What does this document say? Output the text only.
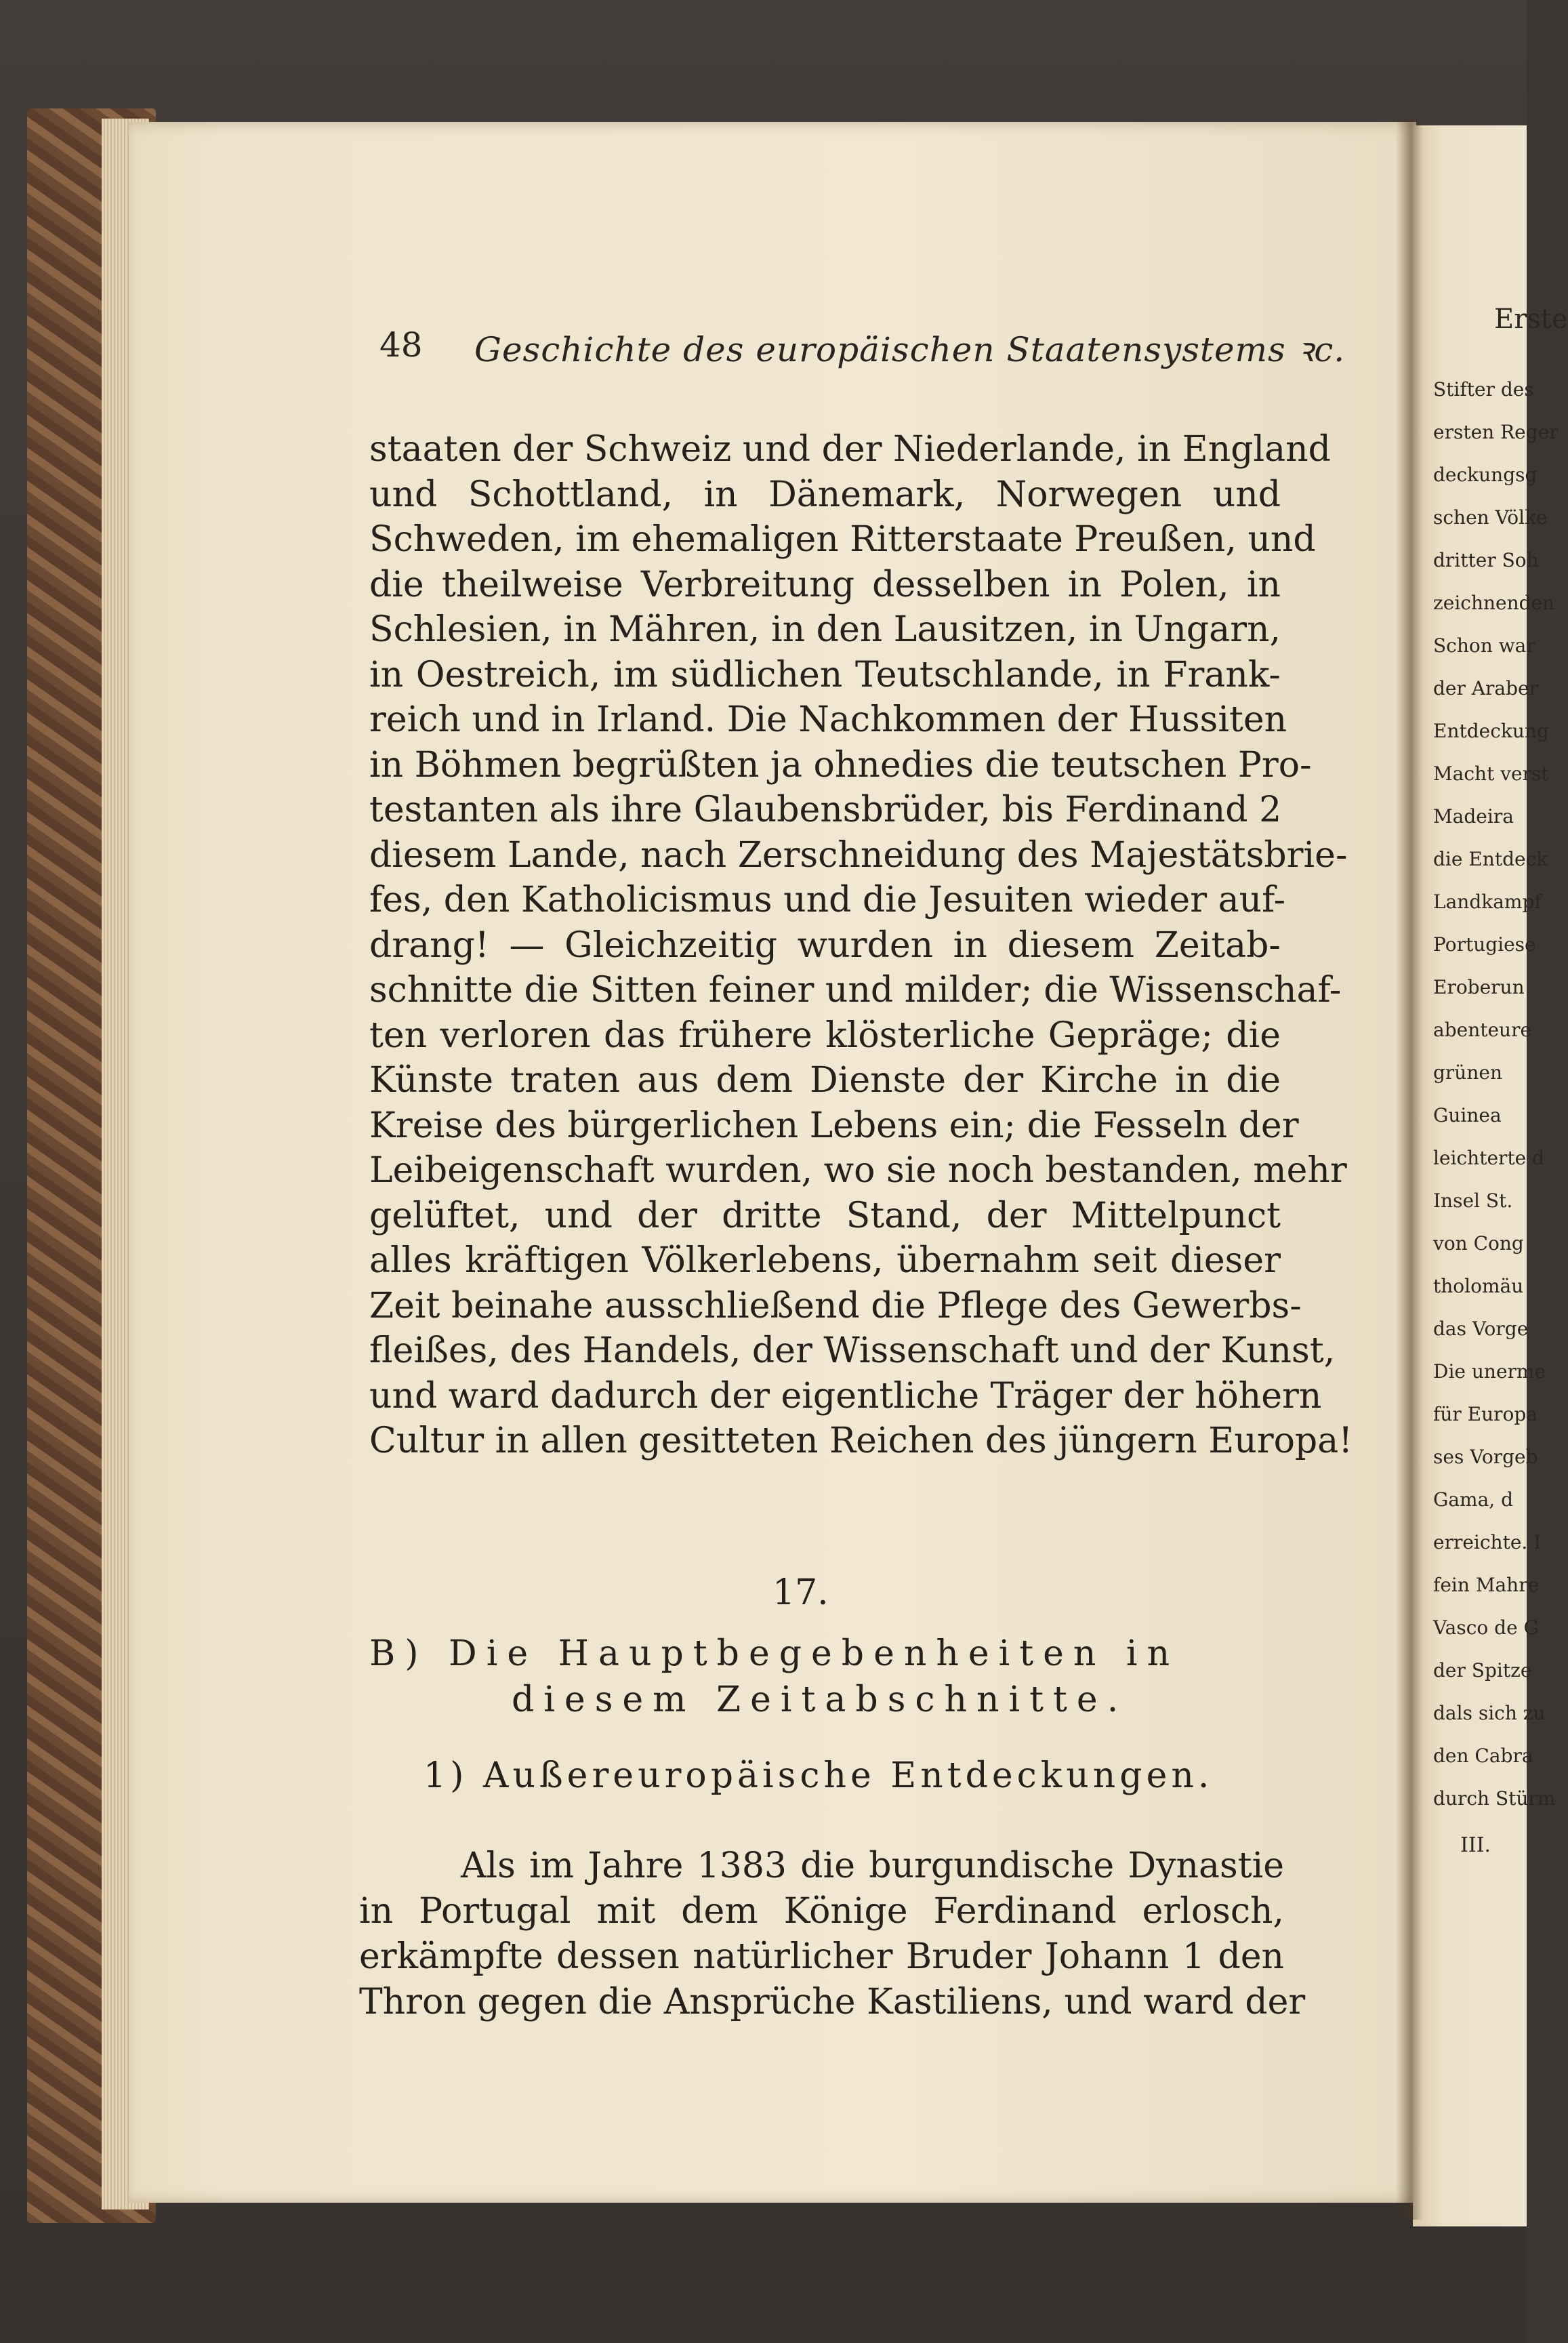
48 Geschichte des europäischen Staatensystems ꝛc.
staaten der Schweiz und der Niederlande, in England
und Schottland, in Dänemark, Norwegen und
Schweden, im ehemaligen Ritterstaate Preußen, und
die theilweise Verbreitung desselben in Polen, in
Schlesien, in Mähren, in den Lausitzen, in Ungarn,
in Oestreich, im südlichen Teutschlande, in Frank-
reich und in Irland. Die Nachkommen der Hussiten
in Böhmen begrüßten ja ohnedies die teutschen Pro-
testanten als ihre Glaubensbrüder, bis Ferdinand 2
diesem Lande, nach Zerschneidung des Majestätsbrie-
fes, den Katholicismus und die Jesuiten wieder auf-
drang! — Gleichzeitig wurden in diesem Zeitab-
schnitte die Sitten feiner und milder; die Wissenschaf-
ten verloren das frühere klösterliche Gepräge; die
Künste traten aus dem Dienste der Kirche in die
Kreise des bürgerlichen Lebens ein; die Fesseln der
Leibeigenschaft wurden, wo sie noch bestanden, mehr
gelüftet, und der dritte Stand, der Mittelpunct
alles kräftigen Völkerlebens, übernahm seit dieser
Zeit beinahe ausschließend die Pflege des Gewerbs-
fleißes, des Handels, der Wissenschaft und der Kunst,
und ward dadurch der eigentliche Träger der höhern
Cultur in allen gesitteten Reichen des jüngern Europa!
17.
B) Die Hauptbegebenheiten in
diesem Zeitabschnitte.
1) Außereuropäische Entdeckungen.
Als im Jahre 1383 die burgundische Dynastie
in Portugal mit dem Könige Ferdinand erlosch,
erkämpfte dessen natürlicher Bruder Johann 1 den
Thron gegen die Ansprüche Kastiliens, und ward der
Erste
Stifter des
ersten Reger
deckungsg
schen Völke
dritter Soh
zeichnenden
Schon war
der Araber
Entdeckung
Macht verst
Madeira
die Entdeck
Landkampf
Portugiese
Eroberun
abenteure
grünen
Guinea
leichterte d
Insel St.
von Cong
tholomäu
das Vorge
Die unerme
für Europa
ses Vorgeb
Gama, d
erreichte. I
fein Mahre
Vasco de G
der Spitze
dals sich zu
den Cabra
durch Stürm
III.
